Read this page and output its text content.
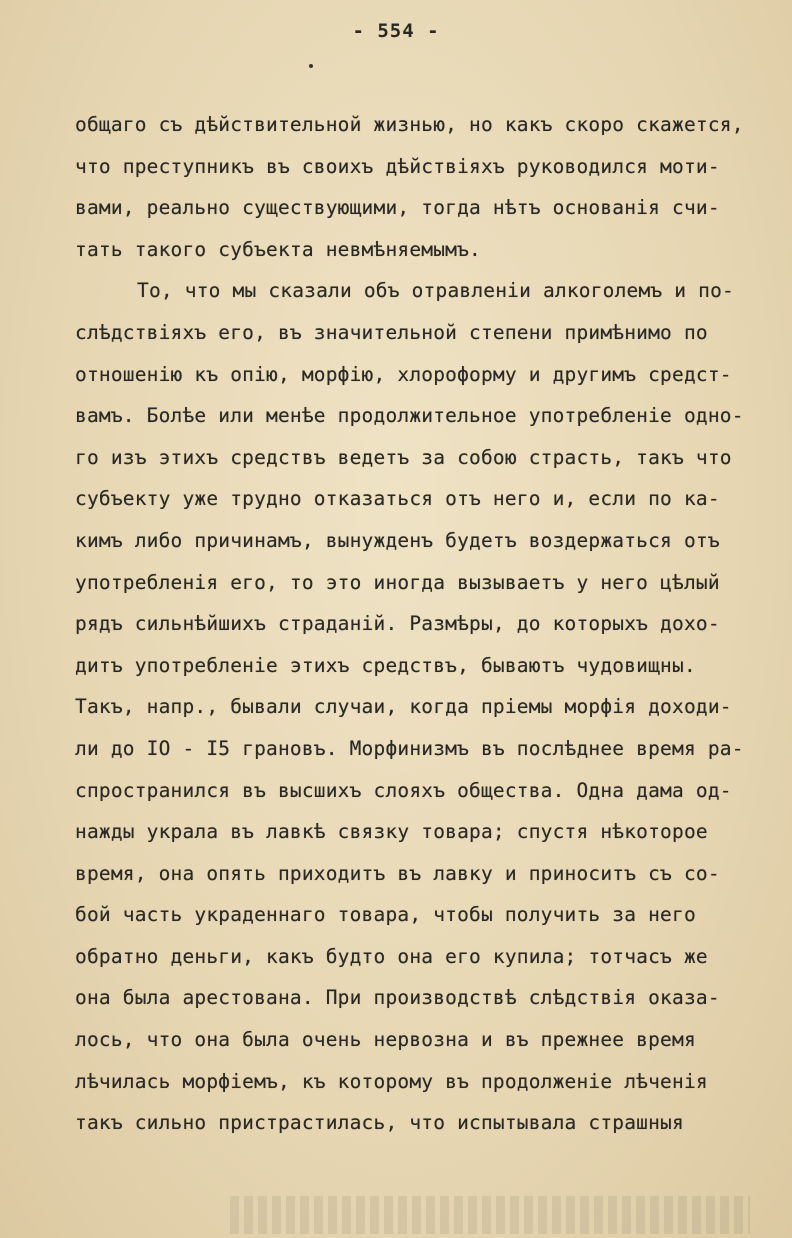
- 554 -
общаго съ дѣйствительной жизнью, но какъ скоро скажется,
что преступникъ въ своихъ дѣйствiяхъ руководился моти-
вами, реально существующими, тогда нѣтъ основанiя счи-
тать такого субъекта невмѣняемымъ.
То, что мы сказали объ отравленiи алкоголемъ и по-
слѣдствiяхъ его, въ значительной степени примѣнимо по
отношенiю къ опiю, морфiю, хлороформу и другимъ средст-
вамъ. Болѣе или менѣе продолжительное употребленiе одно-
го изъ этихъ средствъ ведетъ за собою страсть, такъ что
субъекту уже трудно отказаться отъ него и, если по ка-
кимъ либо причинамъ, вынужденъ будетъ воздержаться отъ
употребленiя его, то это иногда вызываетъ у него цѣлый
рядъ сильнѣйшихъ страданiй. Размѣры, до которыхъ дохо-
дитъ употребленiе этихъ средствъ, бываютъ чудовищны.
Такъ, напр., бывали случаи, когда прiемы морфiя доходи-
ли до IO - I5 грановъ. Морфинизмъ въ послѣднее время ра-
спространился въ высшихъ слояхъ общества. Одна дама од-
нажды украла въ лавкѣ связку товара; спустя нѣкоторое
время, она опять приходитъ въ лавку и приноситъ съ со-
бой часть украденнаго товара, чтобы получить за него
обратно деньги, какъ будто она его купила; тотчасъ же
она была арестована. При производствѣ слѣдствiя оказа-
лось, что она была очень нервозна и въ прежнее время
лѣчилась морфiемъ, къ которому въ продолженiе лѣченiя
такъ сильно пристрастилась, что испытывала страшныя
